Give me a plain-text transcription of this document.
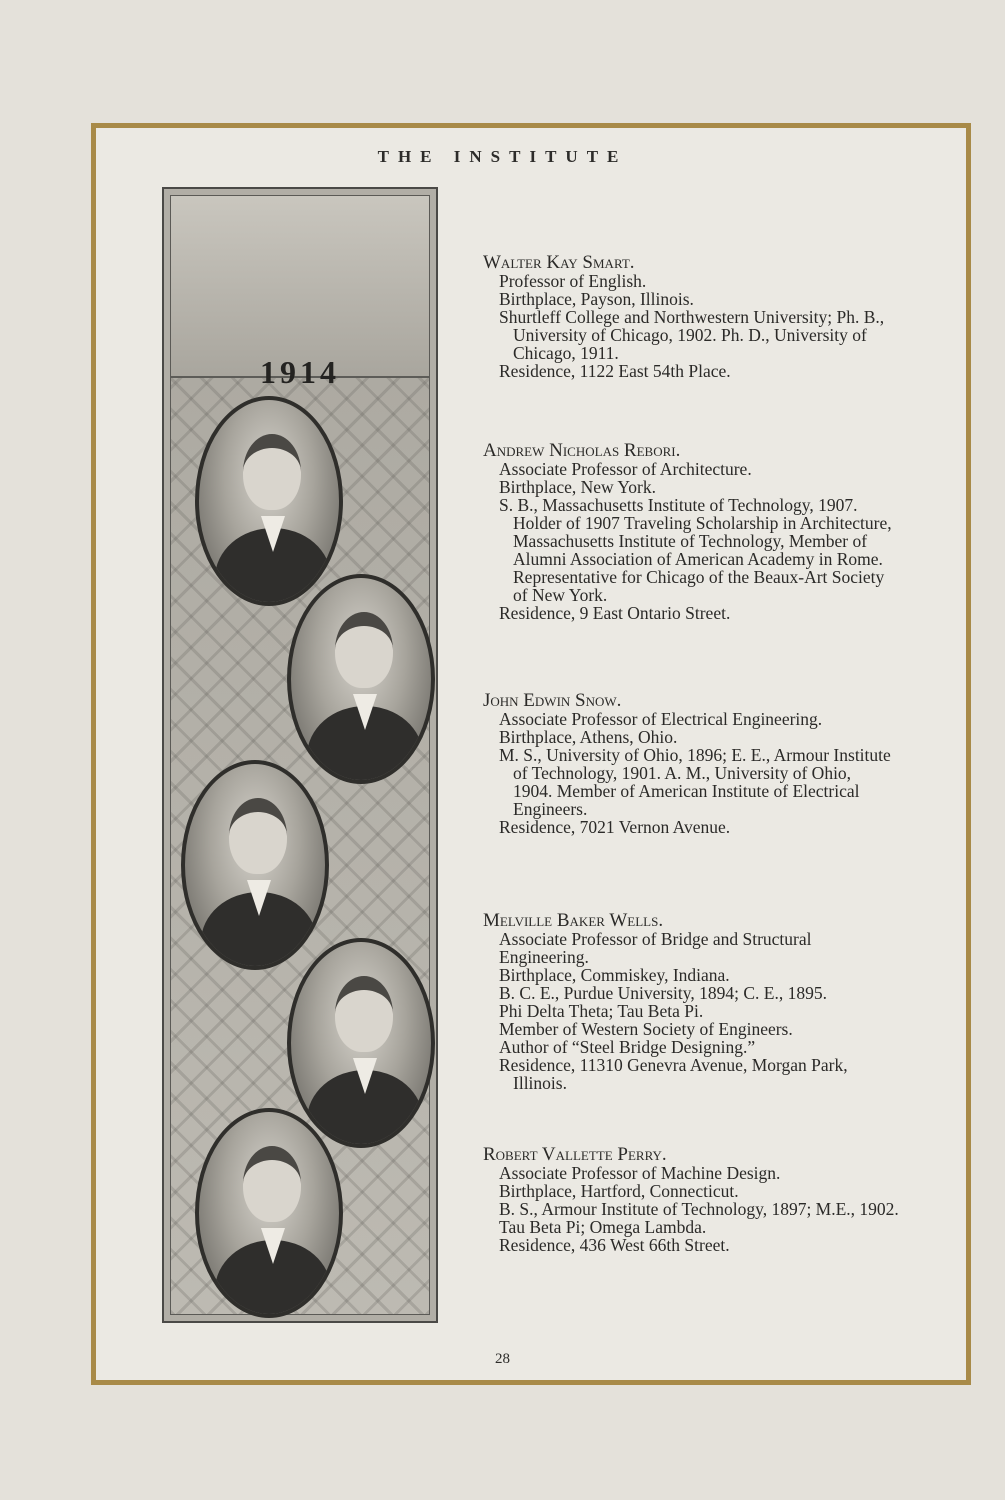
THE INSTITUTE
1914
Walter Kay Smart.
Professor of English.
Birthplace, Payson, Illinois.
Shurtleff College and Northwestern University; Ph. B.,
University of Chicago, 1902. Ph. D., University of
Chicago, 1911.
Residence, 1122 East 54th Place.
Andrew Nicholas Rebori.
Associate Professor of Architecture.
Birthplace, New York.
S. B., Massachusetts Institute of Technology, 1907.
Holder of 1907 Traveling Scholarship in Architecture,
Massachusetts Institute of Technology, Member of
Alumni Association of American Academy in Rome.
Representative for Chicago of the Beaux-Art Society
of New York.
Residence, 9 East Ontario Street.
John Edwin Snow.
Associate Professor of Electrical Engineering.
Birthplace, Athens, Ohio.
M. S., University of Ohio, 1896; E. E., Armour Institute
of Technology, 1901. A. M., University of Ohio,
1904. Member of American Institute of Electrical
Engineers.
Residence, 7021 Vernon Avenue.
Melville Baker Wells.
Associate Professor of Bridge and Structural Engineering.
Birthplace, Commiskey, Indiana.
B. C. E., Purdue University, 1894; C. E., 1895.
Phi Delta Theta; Tau Beta Pi.
Member of Western Society of Engineers.
Author of “Steel Bridge Designing.”
Residence, 11310 Genevra Avenue, Morgan Park,
Illinois.
Robert Vallette Perry.
Associate Professor of Machine Design.
Birthplace, Hartford, Connecticut.
B. S., Armour Institute of Technology, 1897; M.E., 1902.
Tau Beta Pi; Omega Lambda.
Residence, 436 West 66th Street.
28
